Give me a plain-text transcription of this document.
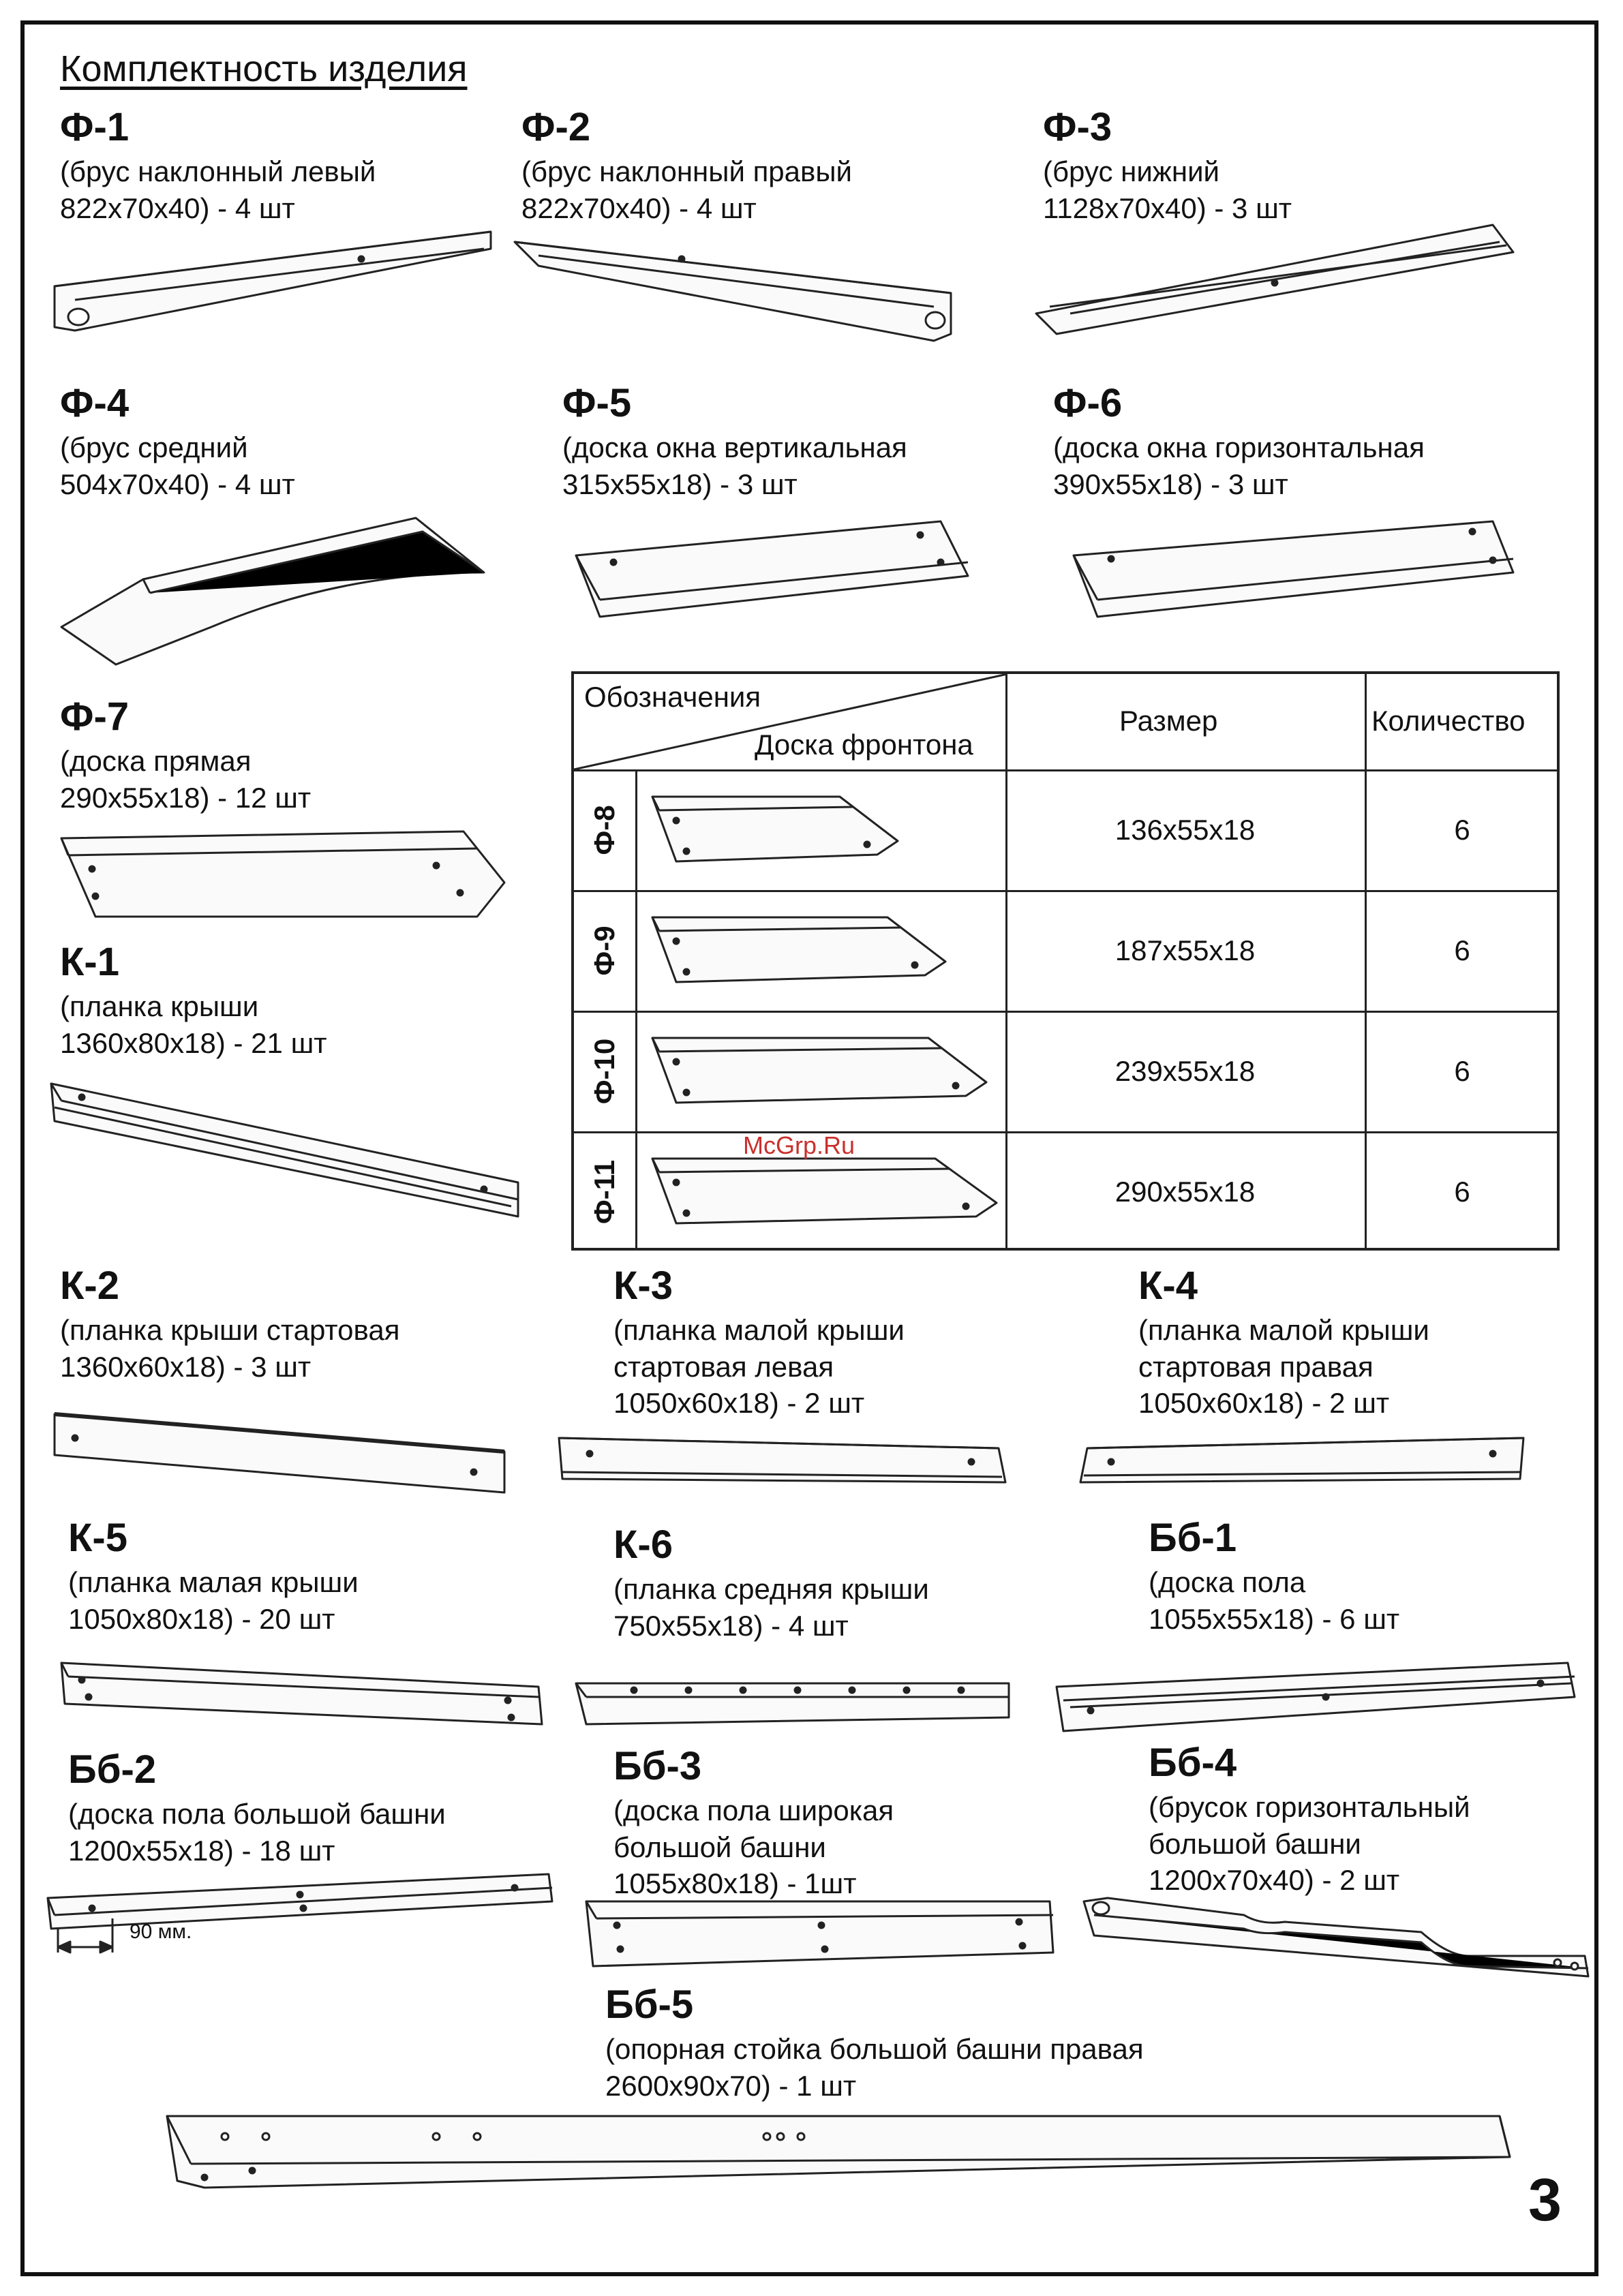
Комплектность изделия
Ф-1
(брус наклонный левый
822х70х40) - 4 шт
Ф-2
(брус наклонный правый
822х70х40) - 4 шт
Ф-3
(брус нижний
1128х70х40) - 3 шт
Ф-4
(брус средний
504х70х40) - 4 шт
Ф-5
(доска окна вертикальная
315х55х18) - 3 шт
Ф-6
(доска окна горизонтальная
390х55х18) - 3 шт
Ф-7
(доска прямая
290х55х18) - 12 шт
К-1
(планка крыши
1360х80х18) - 21 шт
Обозначения
Доска фронтона
Размер	Количество
Ф-8	136х55х18	6
Ф-9	187х55х18	6
Ф-10	239х55х18	6
Ф-11	290х55х18	6
McGrp.Ru
К-2
(планка крыши стартовая
1360х60х18) - 3 шт
К-3
(планка малой крыши
стартовая левая
1050х60х18) - 2 шт
К-4
(планка малой крыши
стартовая правая
1050х60х18) - 2 шт
К-5
(планка малая крыши
1050х80х18) - 20 шт
К-6
(планка средняя крыши
750х55х18) - 4 шт
Бб-1
(доска пола
1055х55х18) - 6 шт
Бб-2
(доска пола большой башни
1200х55х18) - 18 шт
90 мм.
Бб-3
(доска пола широкая
большой башни
1055х80х18) - 1шт
Бб-4
(брусок горизонтальный
большой башни
1200х70х40) - 2 шт
Бб-5
(опорная стойка большой башни правая
2600х90х70) - 1 шт
3
